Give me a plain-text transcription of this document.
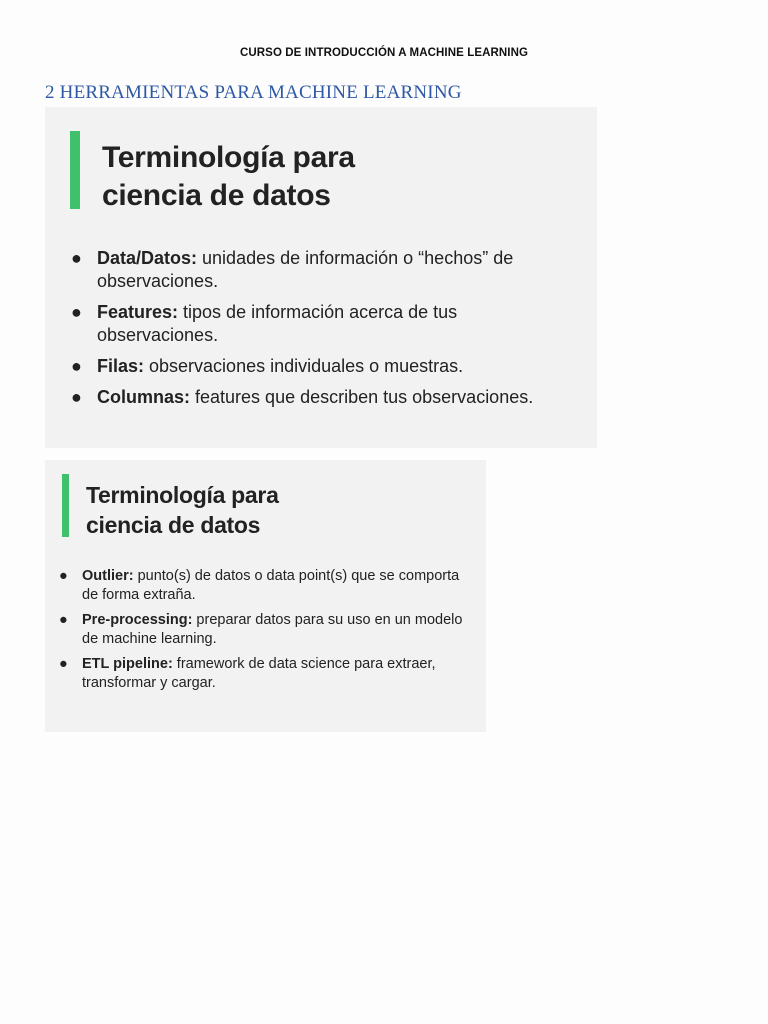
CURSO DE INTRODUCCIÓN A MACHINE LEARNING
2 HERRAMIENTAS PARA MACHINE LEARNING
Terminología para
ciencia de datos
● Data/Datos: unidades de información o “hechos” de observaciones.
● Features: tipos de información acerca de tus observaciones.
● Filas: observaciones individuales o muestras.
● Columnas: features que describen tus observaciones.
Terminología para
ciencia de datos
● Outlier: punto(s) de datos o data point(s) que se comporta de forma extraña.
● Pre-processing: preparar datos para su uso en un modelo de machine learning.
● ETL pipeline: framework de data science para extraer, transformar y cargar.
